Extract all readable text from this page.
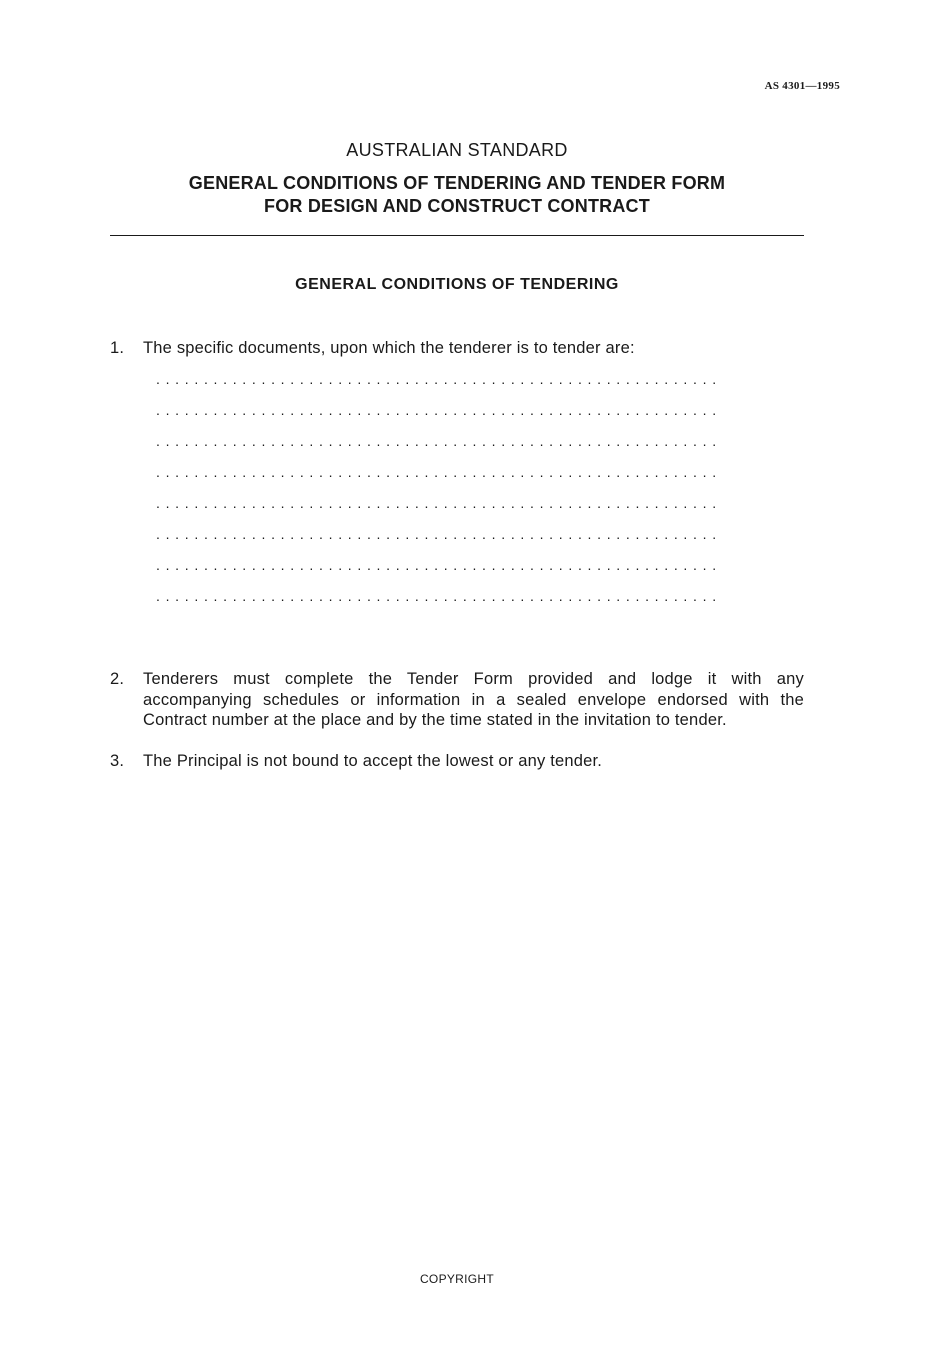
AS 4301—1995
AUSTRALIAN STANDARD
GENERAL CONDITIONS OF TENDERING AND TENDER FORM
FOR DESIGN AND CONSTRUCT CONTRACT
GENERAL CONDITIONS OF TENDERING
1.	The specific documents, upon which the tenderer is to tender are:
...........................................................
...........................................................
...........................................................
...........................................................
...........................................................
...........................................................
...........................................................
...........................................................
2.	Tenderers must complete the Tender Form provided and lodge it with any accompanying schedules or information in a sealed envelope endorsed with the Contract number at the place and by the time stated in the invitation to tender.
3.	The Principal is not bound to accept the lowest or any tender.
COPYRIGHT
